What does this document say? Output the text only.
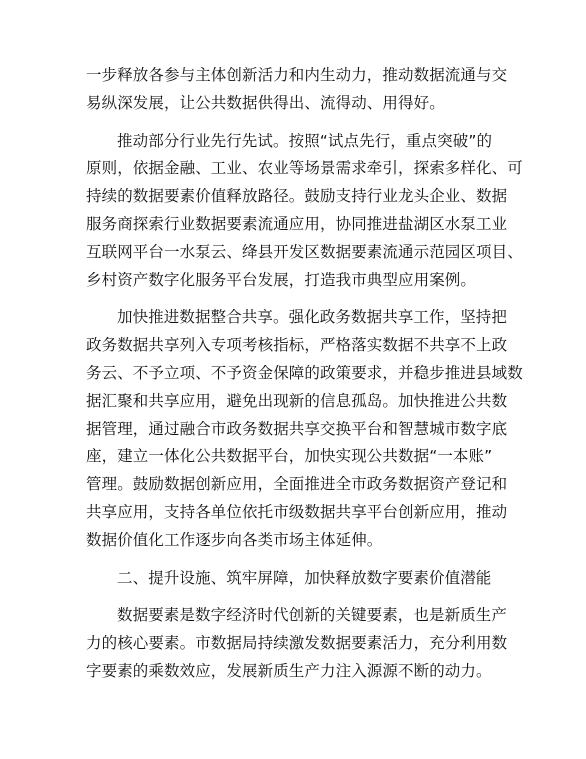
一步释放各参与主体创新活力和内生动力，推动数据流通与交
易纵深发展，让公共数据供得出、流得动、用得好。

推动部分行业先行先试。按照“试点先行，重点突破”的
原则，依据金融、工业、农业等场景需求牵引，探索多样化、可
持续的数据要素价值释放路径。鼓励支持行业龙头企业、数据
服务商探索行业数据要素流通应用，协同推进盐湖区水泵工业
互联网平台一水泵云、绛县开发区数据要素流通示范园区项目、
乡村资产数字化服务平台发展，打造我市典型应用案例。

加快推进数据整合共享。强化政务数据共享工作，坚持把
政务数据共享列入专项考核指标，严格落实数据不共享不上政
务云、不予立项、不予资金保障的政策要求，并稳步推进县域数
据汇聚和共享应用，避免出现新的信息孤岛。加快推进公共数
据管理，通过融合市政务数据共享交换平台和智慧城市数字底
座，建立一体化公共数据平台，加快实现公共数据“一本账”
管理。鼓励数据创新应用，全面推进全市政务数据资产登记和
共享应用，支持各单位依托市级数据共享平台创新应用，推动
数据价值化工作逐步向各类市场主体延伸。

二、提升设施、筑牢屏障，加快释放数字要素价值潜能

数据要素是数字经济时代创新的关键要素，也是新质生产
力的核心要素。市数据局持续激发数据要素活力，充分利用数
字要素的乘数效应，发展新质生产力注入源源不断的动力。
